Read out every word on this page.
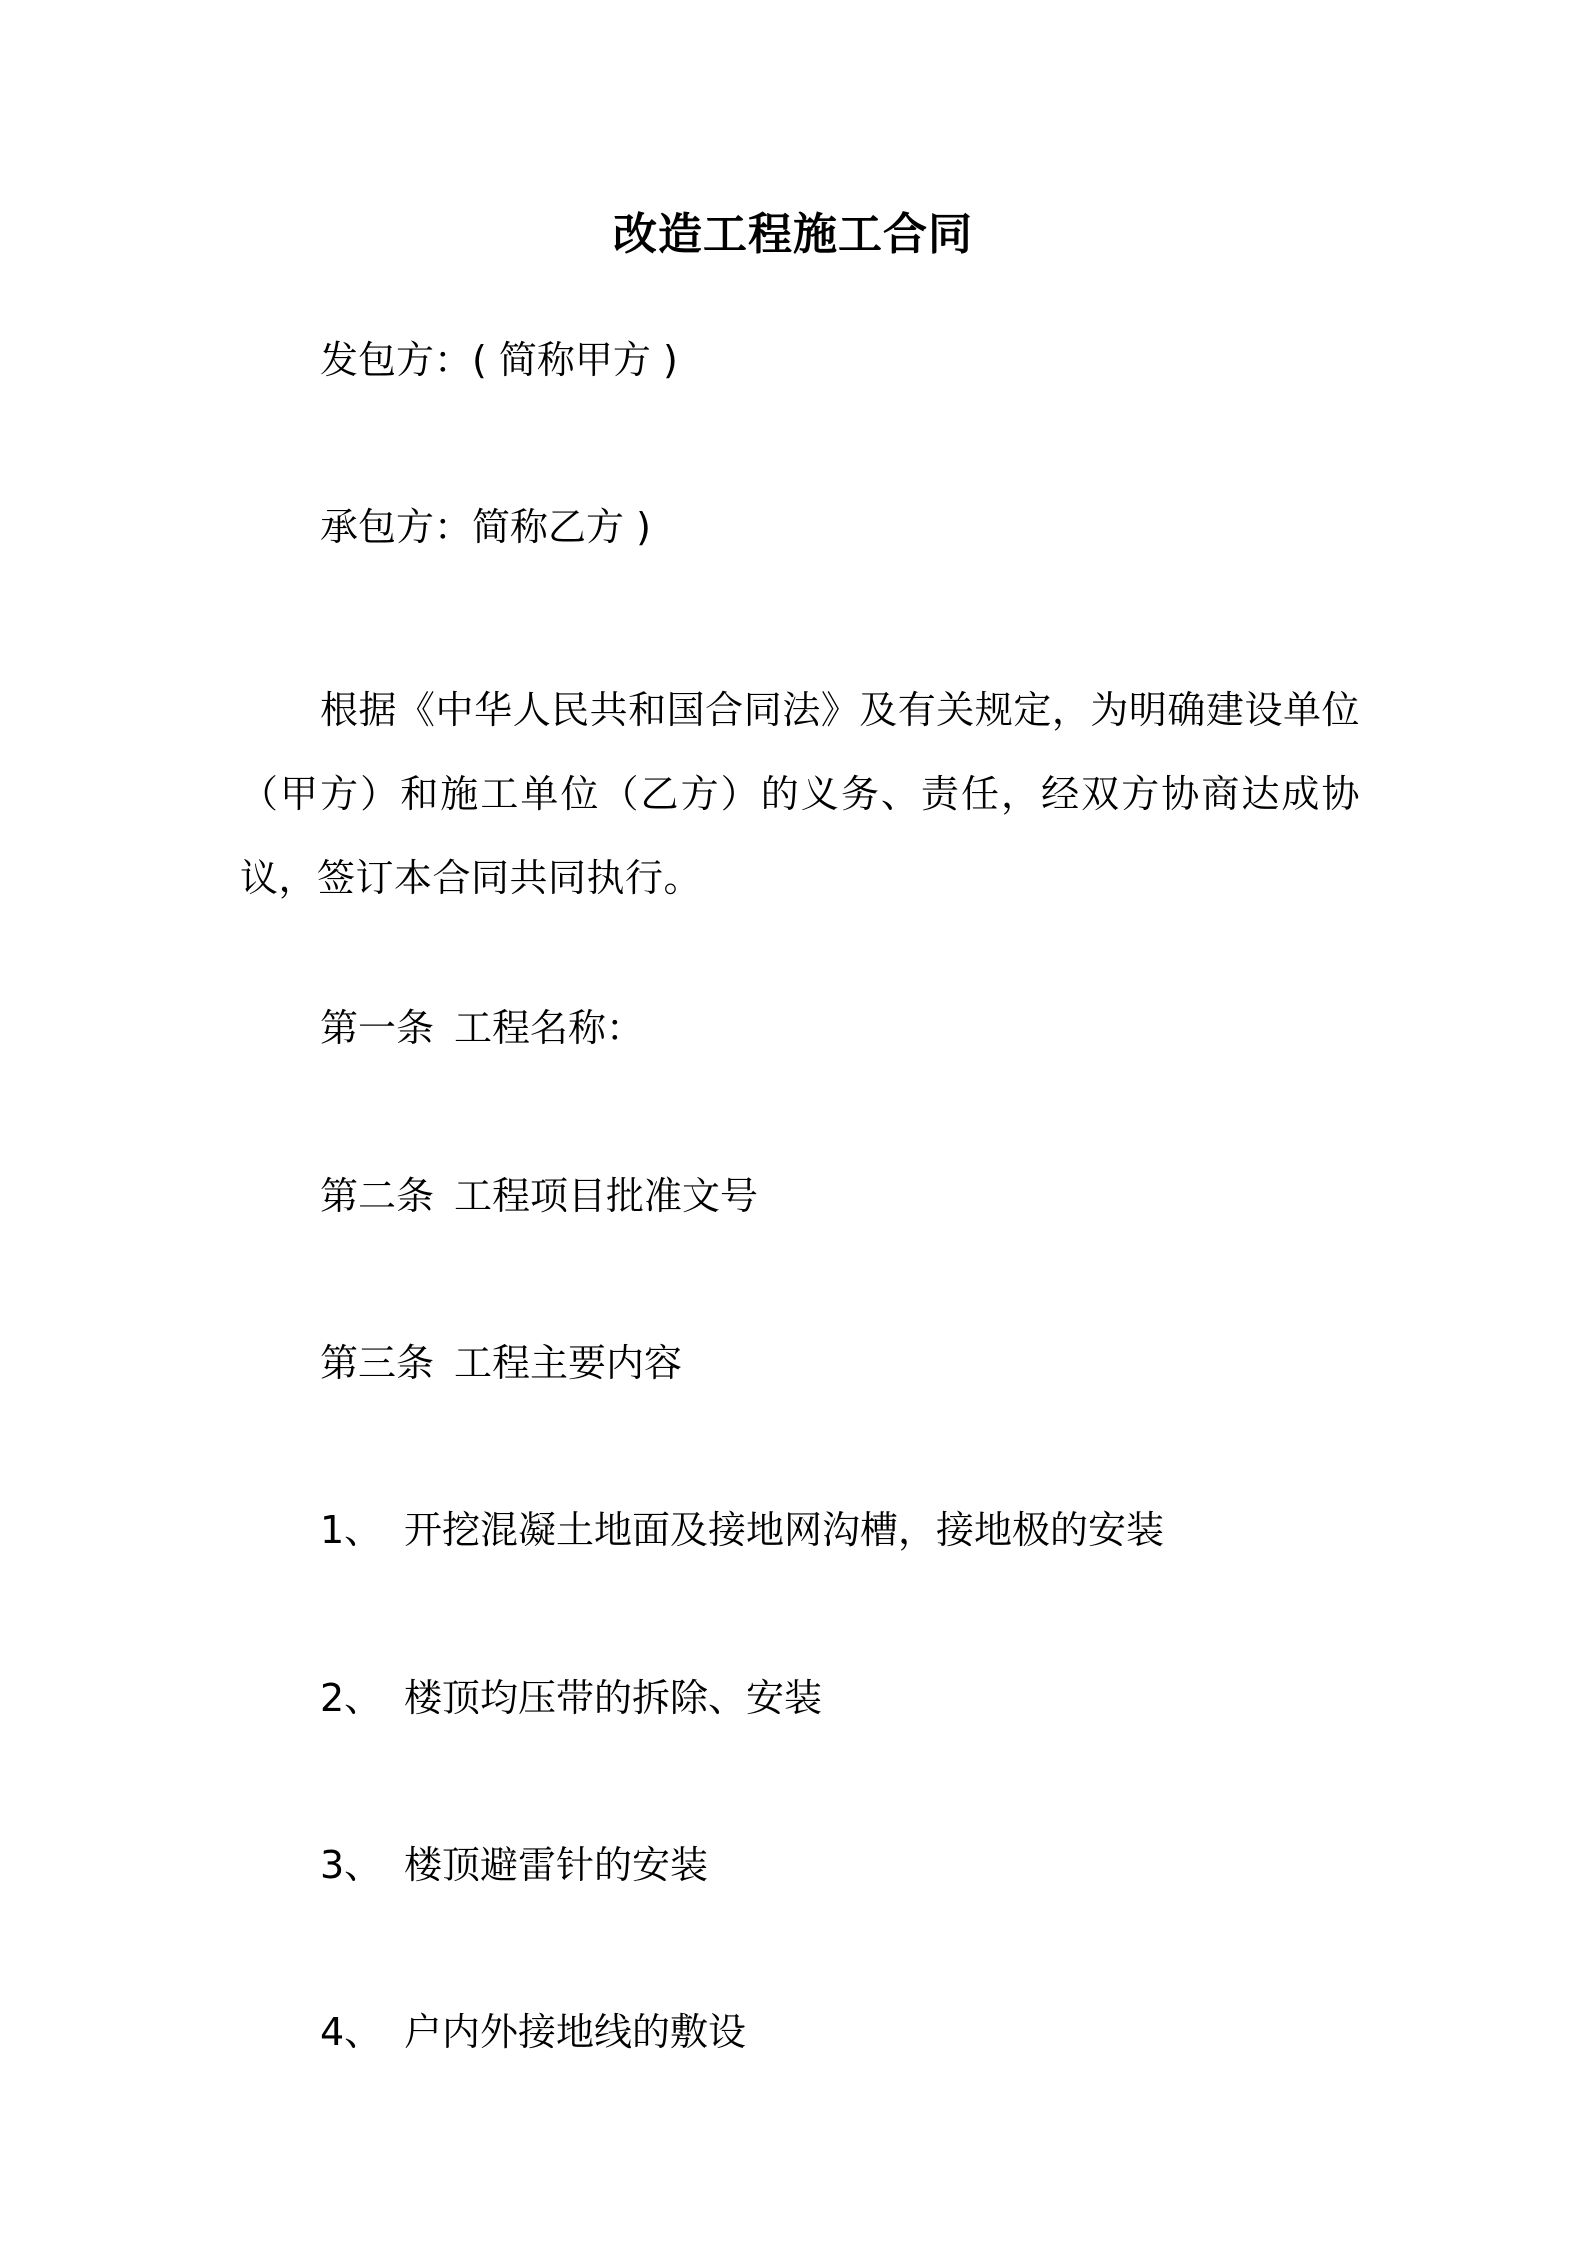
改造工程施工合同
发包方：( 简称甲方 )
承包方：简称乙方 )
根据《中华人民共和国合同法》及有关规定，为明确建设单位（甲方）和施工单位（乙方）的义务、责任，经双方协商达成协议，签订本合同共同执行。
第一条 工程名称：
第二条 工程项目批准文号
第三条 工程主要内容
1、 开挖混凝土地面及接地网沟槽，接地极的安装
2、 楼顶均压带的拆除、安装
3、 楼顶避雷针的安装
4、 户内外接地线的敷设
